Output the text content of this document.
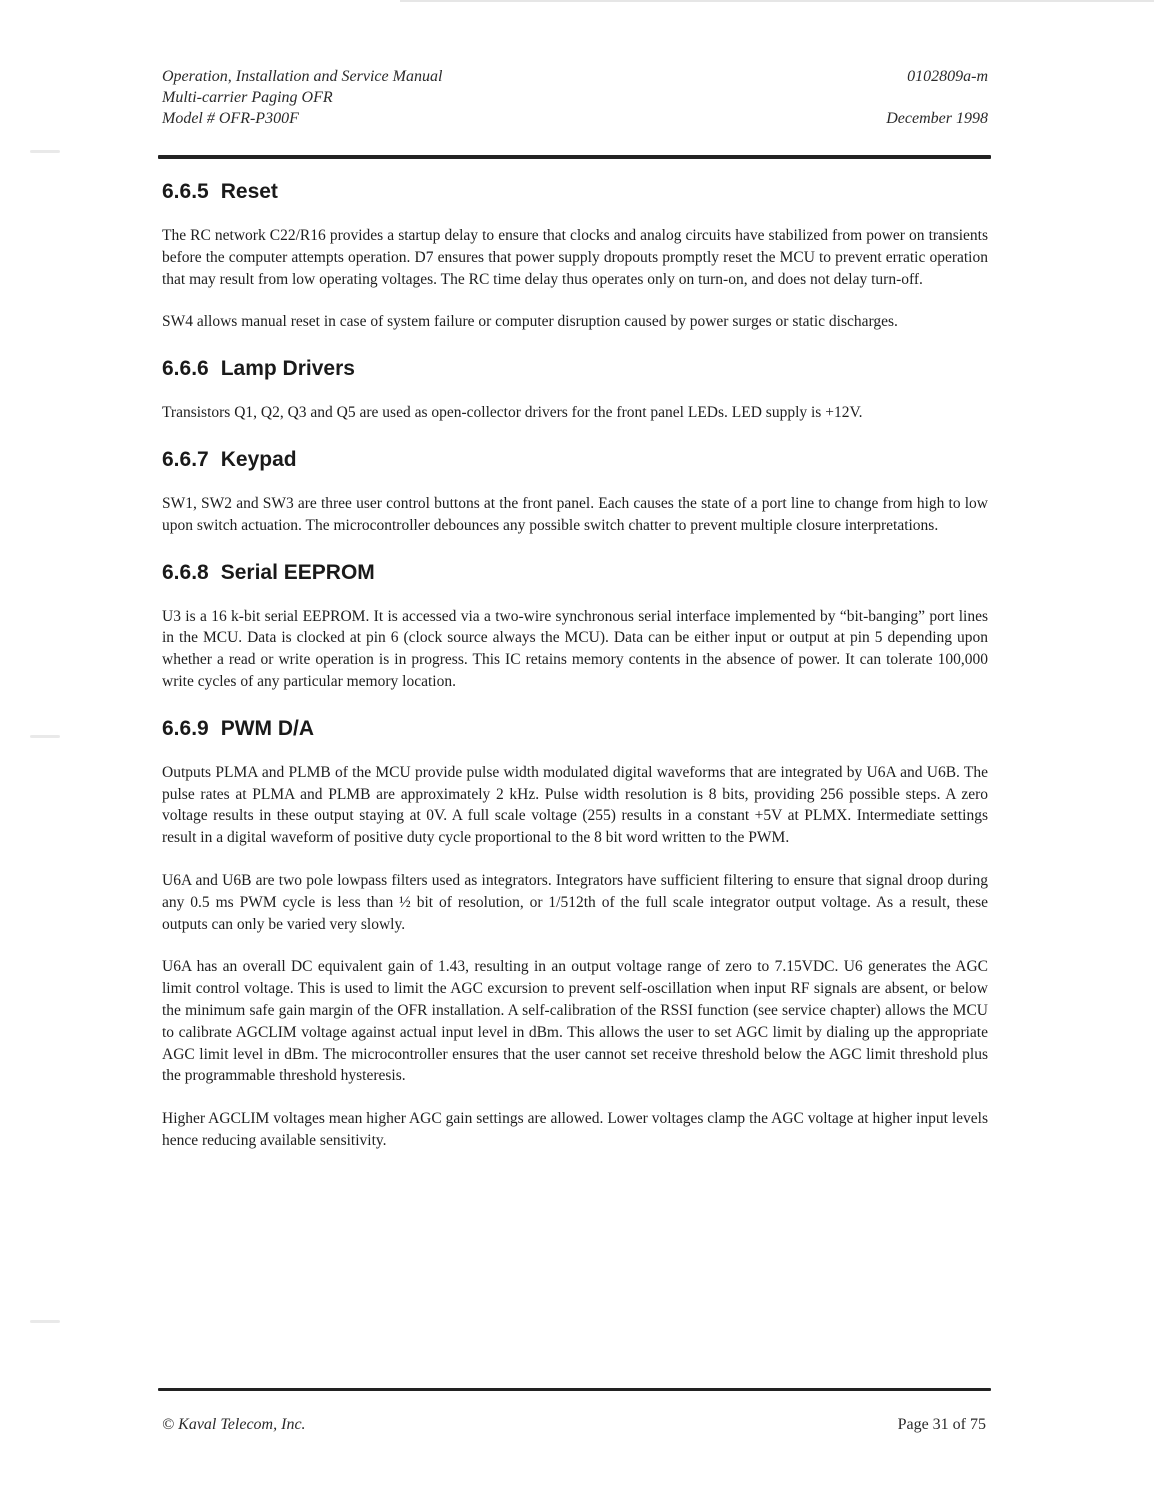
Operation, Installation and Service Manual
Multi-carrier Paging OFR
Model # OFR-P300F
0102809a-m
December 1998
6.6.5 Reset

The RC network C22/R16 provides a startup delay to ensure that clocks and analog circuits have stabilized from power on transients before the computer attempts operation. D7 ensures that power supply dropouts promptly reset the MCU to prevent erratic operation that may result from low operating voltages. The RC time delay thus operates only on turn-on, and does not delay turn-off.

SW4 allows manual reset in case of system failure or computer disruption caused by power surges or static discharges.

6.6.6 Lamp Drivers

Transistors Q1, Q2, Q3 and Q5 are used as open-collector drivers for the front panel LEDs. LED supply is +12V.

6.6.7 Keypad

SW1, SW2 and SW3 are three user control buttons at the front panel. Each causes the state of a port line to change from high to low upon switch actuation. The microcontroller debounces any possible switch chatter to prevent multiple closure interpretations.

6.6.8 Serial EEPROM

U3 is a 16 k-bit serial EEPROM. It is accessed via a two-wire synchronous serial interface implemented by “bit-banging” port lines in the MCU. Data is clocked at pin 6 (clock source always the MCU). Data can be either input or output at pin 5 depending upon whether a read or write operation is in progress. This IC retains memory contents in the absence of power. It can tolerate 100,000 write cycles of any particular memory location.

6.6.9 PWM D/A

Outputs PLMA and PLMB of the MCU provide pulse width modulated digital waveforms that are integrated by U6A and U6B. The pulse rates at PLMA and PLMB are approximately 2 kHz. Pulse width resolution is 8 bits, providing 256 possible steps. A zero voltage results in these output staying at 0V. A full scale voltage (255) results in a constant +5V at PLMX. Intermediate settings result in a digital waveform of positive duty cycle proportional to the 8 bit word written to the PWM.

U6A and U6B are two pole lowpass filters used as integrators. Integrators have sufficient filtering to ensure that signal droop during any 0.5 ms PWM cycle is less than ½ bit of resolution, or 1/512th of the full scale integrator output voltage. As a result, these outputs can only be varied very slowly.

U6A has an overall DC equivalent gain of 1.43, resulting in an output voltage range of zero to 7.15VDC. U6 generates the AGC limit control voltage. This is used to limit the AGC excursion to prevent self-oscillation when input RF signals are absent, or below the minimum safe gain margin of the OFR installation. A self-calibration of the RSSI function (see service chapter) allows the MCU to calibrate AGCLIM voltage against actual input level in dBm. This allows the user to set AGC limit by dialing up the appropriate AGC limit level in dBm. The microcontroller ensures that the user cannot set receive threshold below the AGC limit threshold plus the programmable threshold hysteresis.

Higher AGCLIM voltages mean higher AGC gain settings are allowed. Lower voltages clamp the AGC voltage at higher input levels hence reducing available sensitivity.

© Kaval Telecom, Inc.	Page 31 of 75
